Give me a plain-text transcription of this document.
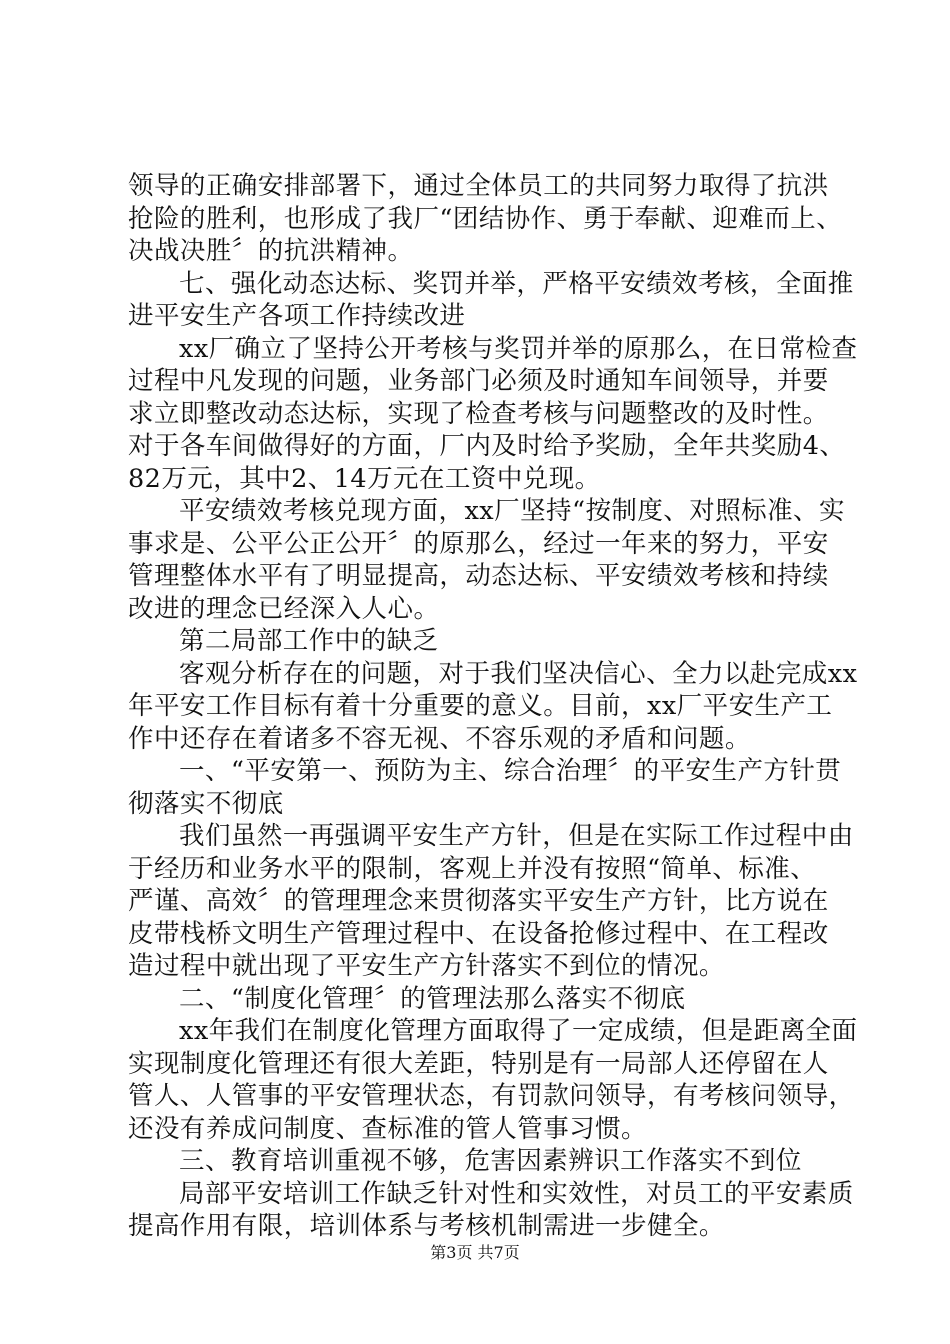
领导的正确安排部署下，通过全体员工的共同努力取得了抗洪
抢险的胜利，也形成了我厂“团结协作、勇于奉献、迎难而上、
决战决胜〞的抗洪精神。
七、强化动态达标、奖罚并举，严格平安绩效考核，全面推
进平安生产各项工作持续改进
xx厂确立了坚持公开考核与奖罚并举的原那么，在日常检查
过程中凡发现的问题，业务部门必须及时通知车间领导，并要
求立即整改动态达标，实现了检查考核与问题整改的及时性。
对于各车间做得好的方面，厂内及时给予奖励，全年共奖励4、
82万元，其中2、14万元在工资中兑现。
平安绩效考核兑现方面，xx厂坚持“按制度、对照标准、实
事求是、公平公正公开〞的原那么，经过一年来的努力，平安
管理整体水平有了明显提高，动态达标、平安绩效考核和持续
改进的理念已经深入人心。
第二局部工作中的缺乏
客观分析存在的问题，对于我们坚决信心、全力以赴完成xx
年平安工作目标有着十分重要的意义。目前，xx厂平安生产工
作中还存在着诸多不容无视、不容乐观的矛盾和问题。
一、“平安第一、预防为主、综合治理〞的平安生产方针贯
彻落实不彻底
我们虽然一再强调平安生产方针，但是在实际工作过程中由
于经历和业务水平的限制，客观上并没有按照“简单、标准、
严谨、高效〞的管理理念来贯彻落实平安生产方针，比方说在
皮带栈桥文明生产管理过程中、在设备抢修过程中、在工程改
造过程中就出现了平安生产方针落实不到位的情况。
二、“制度化管理〞的管理法那么落实不彻底
xx年我们在制度化管理方面取得了一定成绩，但是距离全面
实现制度化管理还有很大差距，特别是有一局部人还停留在人
管人、人管事的平安管理状态，有罚款问领导，有考核问领导，
还没有养成问制度、查标准的管人管事习惯。
三、教育培训重视不够，危害因素辨识工作落实不到位
局部平安培训工作缺乏针对性和实效性，对员工的平安素质
提高作用有限，培训体系与考核机制需进一步健全。
第3页 共7页
